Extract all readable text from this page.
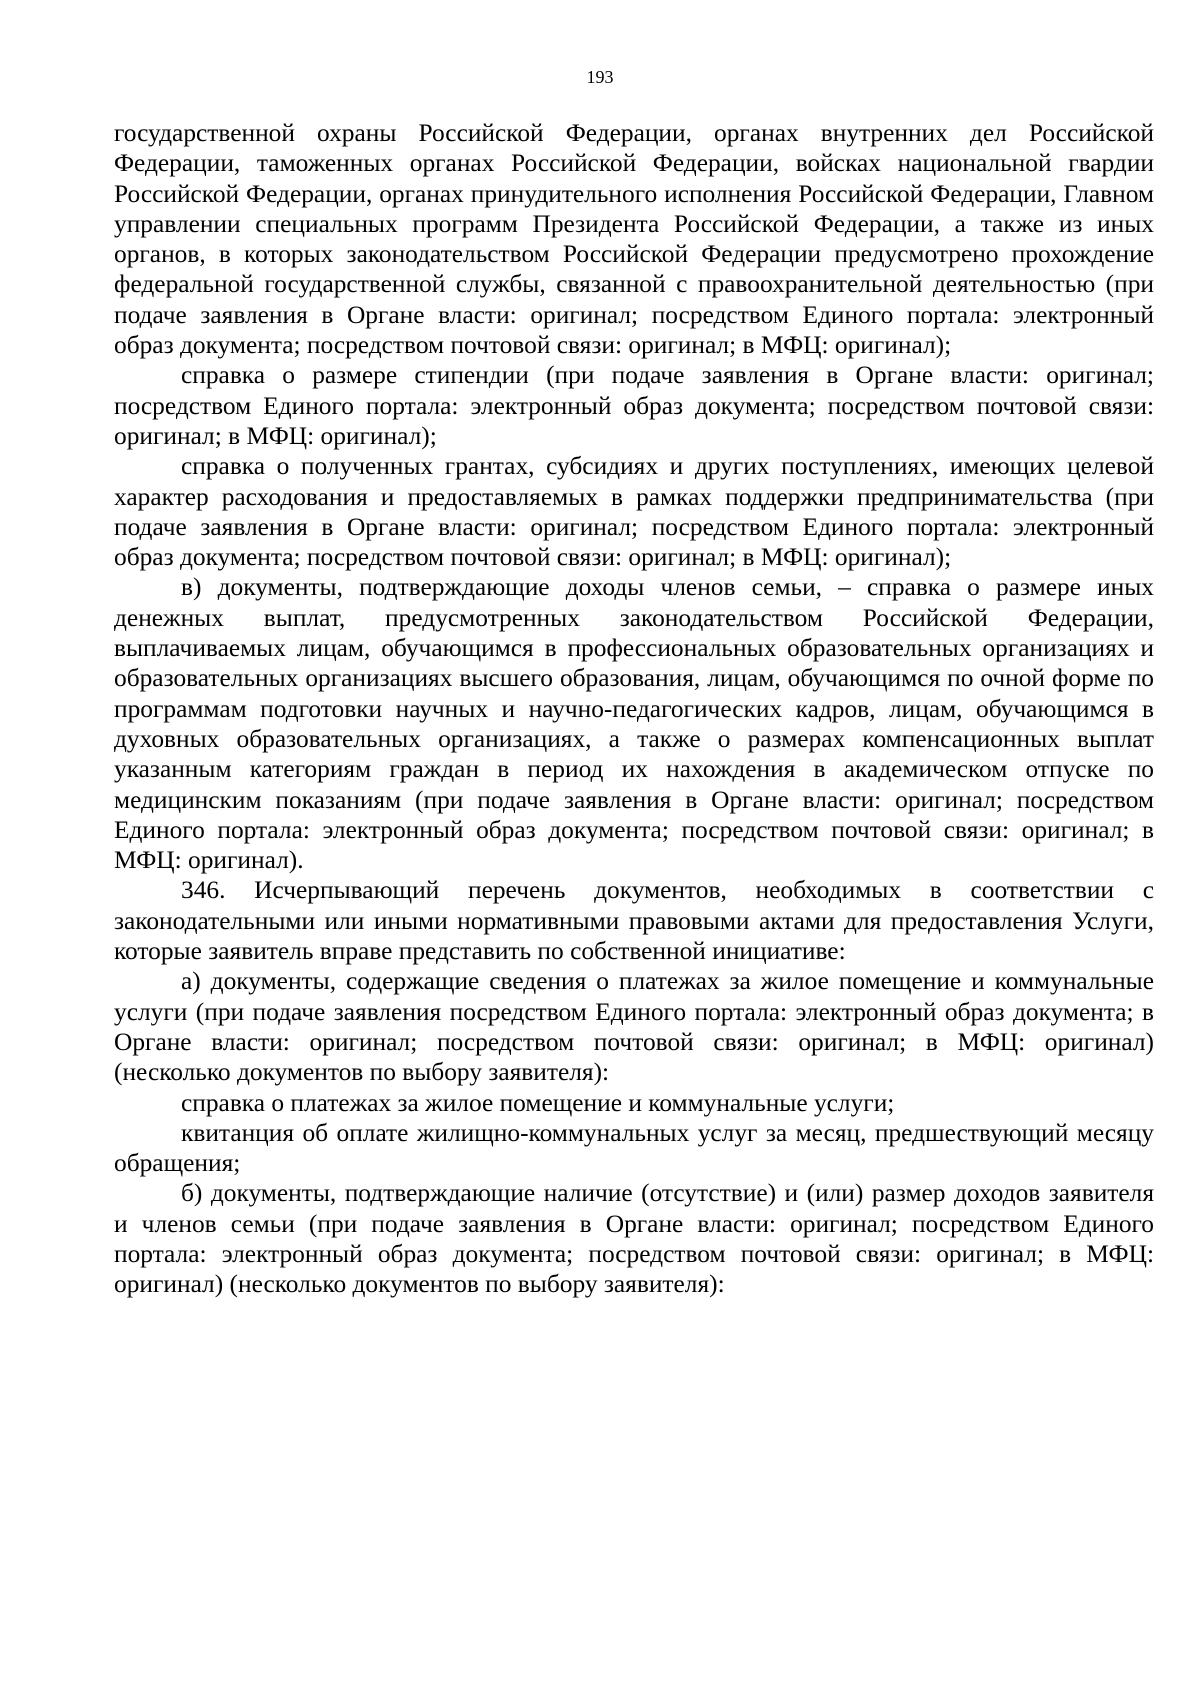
193

государственной охраны Российской Федерации, органах внутренних дел Российской Федерации, таможенных органах Российской Федерации, войсках национальной гвардии Российской Федерации, органах принудительного исполнения Российской Федерации, Главном управлении специальных программ Президента Российской Федерации, а также из иных органов, в которых законодательством Российской Федерации предусмотрено прохождение федеральной государственной службы, связанной с правоохранительной деятельностью (при подаче заявления в Органе власти: оригинал; посредством Единого портала: электронный образ документа; посредством почтовой связи: оригинал; в МФЦ: оригинал);

справка о размере стипендии (при подаче заявления в Органе власти: оригинал; посредством Единого портала: электронный образ документа; посредством почтовой связи: оригинал; в МФЦ: оригинал);

справка о полученных грантах, субсидиях и других поступлениях, имеющих целевой характер расходования и предоставляемых в рамках поддержки предпринимательства (при подаче заявления в Органе власти: оригинал; посредством Единого портала: электронный образ документа; посредством почтовой связи: оригинал; в МФЦ: оригинал);

в) документы, подтверждающие доходы членов семьи, – справка о размере иных денежных выплат, предусмотренных законодательством Российской Федерации, выплачиваемых лицам, обучающимся в профессиональных образовательных организациях и образовательных организациях высшего образования, лицам, обучающимся по очной форме по программам подготовки научных и научно-педагогических кадров, лицам, обучающимся в духовных образовательных организациях, а также о размерах компенсационных выплат указанным категориям граждан в период их нахождения в академическом отпуске по медицинским показаниям (при подаче заявления в Органе власти: оригинал; посредством Единого портала: электронный образ документа; посредством почтовой связи: оригинал; в МФЦ: оригинал).

346. Исчерпывающий перечень документов, необходимых в соответствии с законодательными или иными нормативными правовыми актами для предоставления Услуги, которые заявитель вправе представить по собственной инициативе:

а) документы, содержащие сведения о платежах за жилое помещение и коммунальные услуги (при подаче заявления посредством Единого портала: электронный образ документа; в Органе власти: оригинал; посредством почтовой связи: оригинал; в МФЦ: оригинал) (несколько документов по выбору заявителя):

справка о платежах за жилое помещение и коммунальные услуги;

квитанция об оплате жилищно-коммунальных услуг за месяц, предшествующий месяцу обращения;

б) документы, подтверждающие наличие (отсутствие) и (или) размер доходов заявителя и членов семьи (при подаче заявления в Органе власти: оригинал; посредством Единого портала: электронный образ документа; посредством почтовой связи: оригинал; в МФЦ: оригинал) (несколько документов по выбору заявителя):
